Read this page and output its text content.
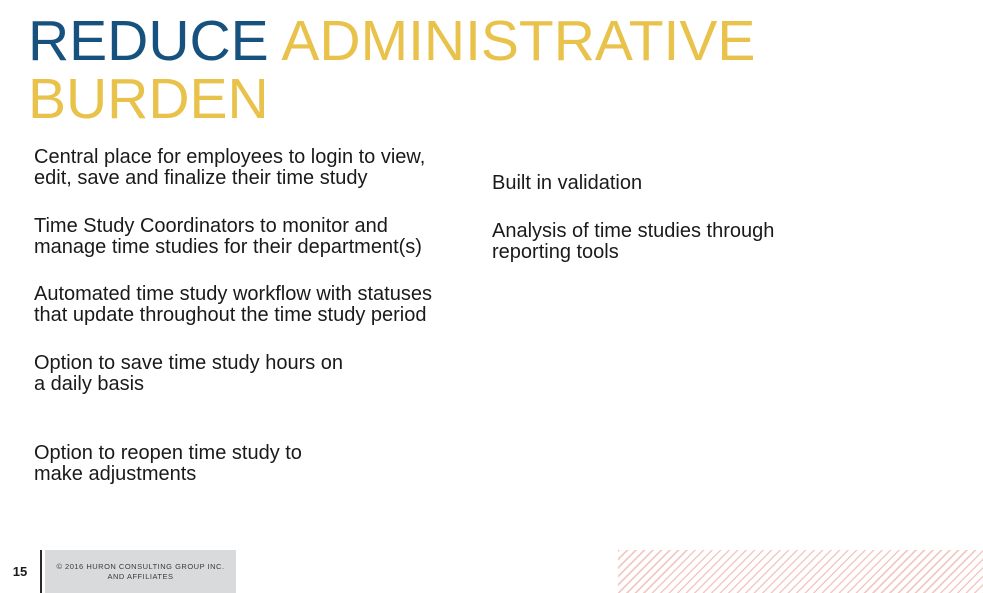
REDUCE ADMINISTRATIVE BURDEN

Central place for employees to login to view,
edit, save and finalize their time study

Time Study Coordinators to monitor and
manage time studies for their department(s)

Automated time study workflow with statuses
that update throughout the time study period

Option to save time study hours on
a daily basis

Option to reopen time study to
make adjustments

Built in validation

Analysis of time studies through
reporting tools

15	© 2016 HURON CONSULTING GROUP INC.
AND AFFILIATES
